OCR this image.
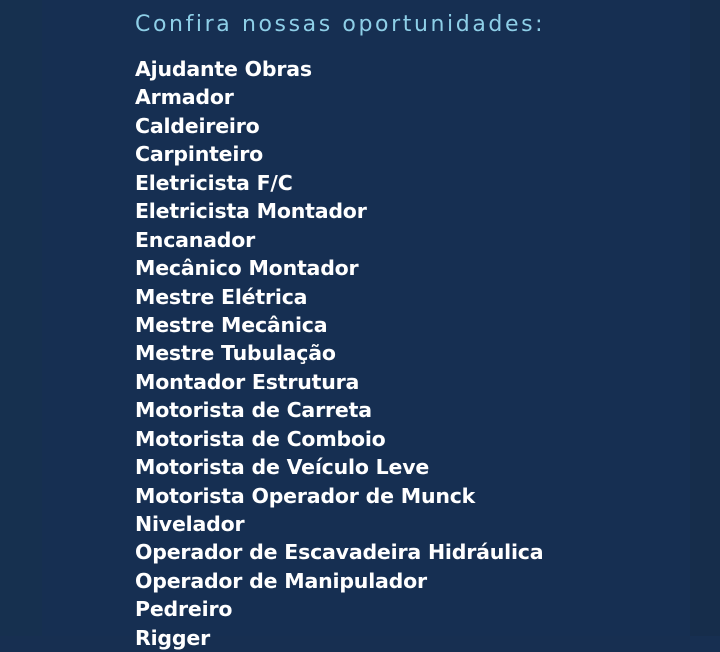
Confira nossas oportunidades:
Ajudante Obras
Armador
Caldeireiro
Carpinteiro
Eletricista F/C
Eletricista Montador
Encanador
Mecânico Montador
Mestre Elétrica
Mestre Mecânica
Mestre Tubulação
Montador Estrutura
Motorista de Carreta
Motorista de Comboio
Motorista de Veículo Leve
Motorista Operador de Munck
Nivelador
Operador de Escavadeira Hidráulica
Operador de Manipulador
Pedreiro
Rigger
